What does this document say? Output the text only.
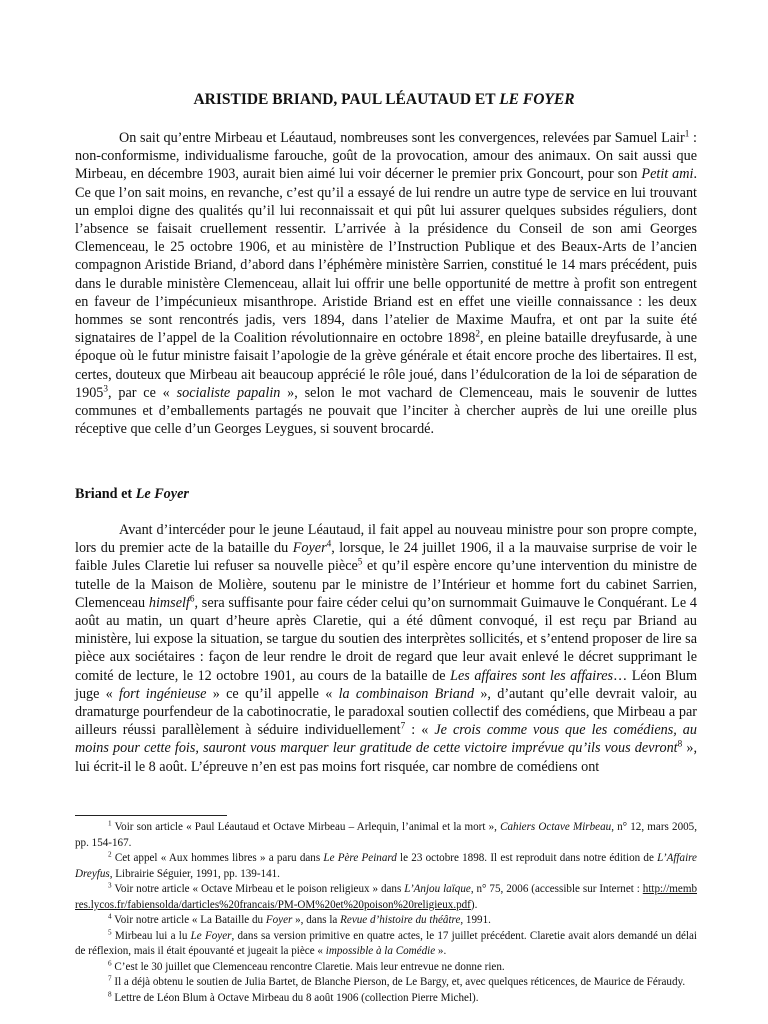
ARISTIDE BRIAND, PAUL LÉAUTAUD ET LE FOYER

On sait qu’entre Mirbeau et Léautaud, nombreuses sont les convergences, relevées par Samuel Lair$^1$ : non-conformisme, individualisme farouche, goût de la provocation, amour des animaux. On sait aussi que Mirbeau, en décembre 1903, aurait bien aimé lui voir décerner le premier prix Goncourt, pour son Petit ami. Ce que l’on sait moins, en revanche, c’est qu’il a essayé de lui rendre un autre type de service en lui trouvant un emploi digne des qualités qu’il lui reconnaissait et qui pût lui assurer quelques subsides réguliers, dont l’absence se faisait cruellement ressentir. L’arrivée à la présidence du Conseil de son ami Georges Clemenceau, le 25 octobre 1906, et au ministère de l’Instruction Publique et des Beaux-Arts de l’ancien compagnon Aristide Briand, d’abord dans l’éphémère ministère Sarrien, constitué le 14 mars précédent, puis dans le durable ministère Clemenceau, allait lui offrir une belle opportunité de mettre à profit son entregent en faveur de l’impécunieux misanthrope. Aristide Briand est en effet une vieille connaissance : les deux hommes se sont rencontrés jadis, vers 1894, dans l’atelier de Maxime Maufra, et ont par la suite été signataires de l’appel de la Coalition révolutionnaire en octobre 1898$^2$, en pleine bataille dreyfusarde, à une époque où le futur ministre faisait l’apologie de la grève générale et était encore proche des libertaires. Il est, certes, douteux que Mirbeau ait beaucoup apprécié le rôle joué, dans l’édulcoration de la loi de séparation de 1905$^3$, par ce « socialiste papalin », selon le mot vachard de Clemenceau, mais le souvenir de luttes communes et d’emballements partagés ne pouvait que l’inciter à chercher auprès de lui une oreille plus réceptive que celle d’un Georges Leygues, si souvent brocardé.

Briand et Le Foyer

Avant d’intercéder pour le jeune Léautaud, il fait appel au nouveau ministre pour son propre compte, lors du premier acte de la bataille du Foyer$^4$, lorsque, le 24 juillet 1906, il a la mauvaise surprise de voir le faible Jules Claretie lui refuser sa nouvelle pièce$^5$ et qu’il espère encore qu’une intervention du ministre de tutelle de la Maison de Molière, soutenu par le ministre de l’Intérieur et homme fort du cabinet Sarrien, Clemenceau himself$^6$, sera suffisante pour faire céder celui qu’on surnommait Guimauve le Conquérant. Le 4 août au matin, un quart d’heure après Claretie, qui a été dûment convoqué, il est reçu par Briand au ministère, lui expose la situation, se targue du soutien des interprètes sollicités, et s’entend proposer de lire sa pièce aux sociétaires : façon de leur rendre le droit de regard que leur avait enlevé le décret supprimant le comité de lecture, le 12 octobre 1901, au cours de la bataille de Les affaires sont les affaires… Léon Blum juge « fort ingénieuse » ce qu’il appelle « la combinaison Briand », d’autant qu’elle devrait valoir, au dramaturge pourfendeur de la cabotinocratie, le paradoxal soutien collectif des comédiens, que Mirbeau a par ailleurs réussi parallèlement à séduire individuellement$^7$ : « Je crois comme vous que les comédiens, au moins pour cette fois, sauront vous marquer leur gratitude de cette victoire imprévue qu’ils vous devront$^8$ », lui écrit-il le 8 août. L’épreuve n’en est pas moins fort risquée, car nombre de comédiens ont

$^1$ Voir son article « Paul Léautaud et Octave Mirbeau – Arlequin, l’animal et la mort », Cahiers Octave Mirbeau, n° 12, mars 2005, pp. 154-167.

$^2$ Cet appel « Aux hommes libres » a paru dans Le Père Peinard le 23 octobre 1898. Il est reproduit dans notre édition de L’Affaire Dreyfus, Librairie Séguier, 1991, pp. 139-141.

$^3$ Voir notre article « Octave Mirbeau et le poison religieux » dans L’Anjou laïque, n° 75, 2006 (accessible sur Internet : http://membres.lycos.fr/fabiensolda/darticles%20francais/PM-OM%20et%20poison%20religieux.pdf).

$^4$ Voir notre article « La Bataille du Foyer », dans la Revue d’histoire du théâtre, 1991.

$^5$ Mirbeau lui a lu Le Foyer, dans sa version primitive en quatre actes, le 17 juillet précédent. Claretie avait alors demandé un délai de réflexion, mais il était épouvanté et jugeait la pièce « impossible à la Comédie ».

$^6$ C’est le 30 juillet que Clemenceau rencontre Claretie. Mais leur entrevue ne donne rien.

$^7$ Il a déjà obtenu le soutien de Julia Bartet, de Blanche Pierson, de Le Bargy, et, avec quelques réticences, de Maurice de Féraudy.

$^8$ Lettre de Léon Blum à Octave Mirbeau du 8 août 1906 (collection Pierre Michel).
